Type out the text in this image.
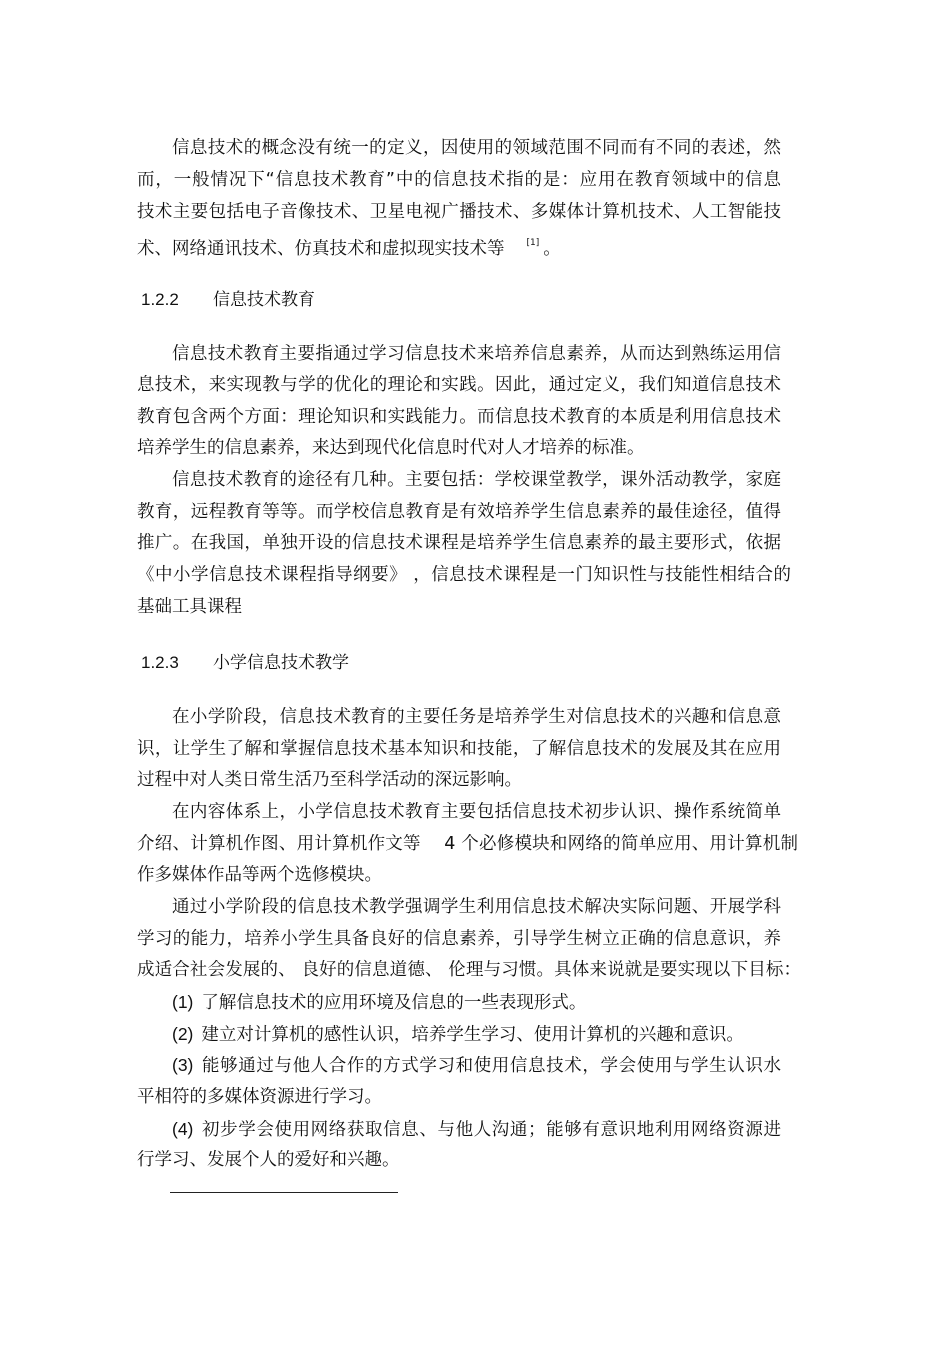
信息技术的概念没有统一的定义，因使用的领域范围不同而有不同的表述，然
而，一般情况下“信息技术教育”中的信息技术指的是：应用在教育领域中的信息
技术主要包括电子音像技术、卫星电视广播技术、多媒体计算机技术、人工智能技
术、网络通讯技术、仿真技术和虚拟现实技术等 [1] 。
1.2.2 信息技术教育
信息技术教育主要指通过学习信息技术来培养信息素养，从而达到熟练运用信
息技术，来实现教与学的优化的理论和实践。因此，通过定义，我们知道信息技术
教育包含两个方面：理论知识和实践能力。而信息技术教育的本质是利用信息技术
培养学生的信息素养，来达到现代化信息时代对人才培养的标准。
信息技术教育的途径有几种。主要包括：学校课堂教学，课外活动教学，家庭
教育，远程教育等等。而学校信息教育是有效培养学生信息素养的最佳途径，值得
推广。在我国，单独开设的信息技术课程是培养学生信息素养的最主要形式，依据
《中小学信息技术课程指导纲要》 ，信息技术课程是一门知识性与技能性相结合的
基础工具课程
1.2.3 小学信息技术教学
在小学阶段，信息技术教育的主要任务是培养学生对信息技术的兴趣和信息意
识，让学生了解和掌握信息技术基本知识和技能，了解信息技术的发展及其在应用
过程中对人类日常生活乃至科学活动的深远影响。
在内容体系上，小学信息技术教育主要包括信息技术初步认识、操作系统简单
介绍、计算机作图、用计算机作文等　 4 个必修模块和网络的简单应用、用计算机制
作多媒体作品等两个选修模块。
通过小学阶段的信息技术教学强调学生利用信息技术解决实际问题、开展学科
学习的能力，培养小学生具备良好的信息素养，引导学生树立正确的信息意识，养
成适合社会发展的、 良好的信息道德、 伦理与习惯。具体来说就是要实现以下目标：
(1) 了解信息技术的应用环境及信息的一些表现形式。
(2) 建立对计算机的感性认识，培养学生学习、使用计算机的兴趣和意识。
(3) 能够通过与他人合作的方式学习和使用信息技术，学会使用与学生认识水
平相符的多媒体资源进行学习。
(4) 初步学会使用网络获取信息、与他人沟通；能够有意识地利用网络资源进
行学习、发展个人的爱好和兴趣。
